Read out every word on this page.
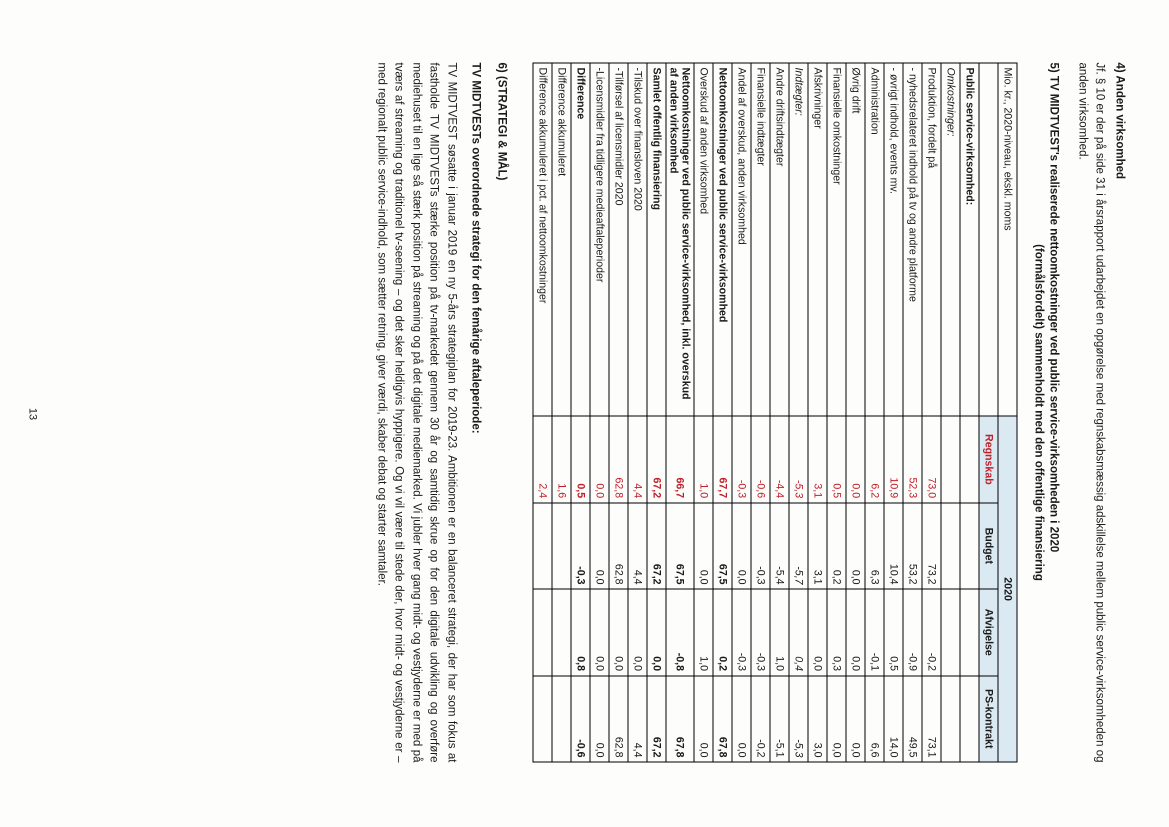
4) Anden virksomhed
Jf. § 10 er der på side 31 i årsrapport udarbejdet en opgørelse med regnskabsmæssig adskillelse mellem public service-virksomheden og anden virksomhed.
5) TV MIDTVEST's realiserede nettoomkostninger ved public service-virksomheden i 2020
(formålsfordelt) sammenholdt med den offentlige finansiering
Mio. kr., 2020-niveau, ekskl. moms	2020			
	Regnskab	Budget	Afvigelse	PS-kontrakt
Public service-virksomhed:				
Omkostninger:				
Produktion, fordelt på	73,0	73,2	-0,2	73,1
- nyhedsrelateret indhold på tv og andre platforme	52,3	53,2	-0,9	49,5
- øvrigt indhold, events mv.	10,9	10,4	0,5	14,0
Administration	6,2	6,3	-0,1	6,6
Øvrig drift	0,0	0,0	0,0	0,0
Finansielle omkostninger	0,5	0,2	0,3	0,0
Afskrivninger	3,1	3,1	0,0	3,0
Indtægter:	-5,3	-5,7	0,4	-5,3
Andre driftsindtægter	-4,4	-5,4	1,0	-5,1
Finansielle indtægter	-0,6	-0,3	-0,3	-0,2
Andel af overskud, anden virksomhed	-0,3	0,0	-0,3	0,0
Nettoomkostninger ved public service-virksomhed	67,7	67,5	0,2	67,8
Overskud af anden virksomhed	1,0	0,0	1,0	0,0
Nettoomkostninger ved public service-virksomhed, inkl. overskud af anden virksomhed	66,7	67,5	-0,8	67,8
Samlet offentlig finansiering	67,2	67,2	0,0	67,2
-Tilskud over finansloven 2020	4,4	4,4	0,0	4,4
-Tilførsel af licensmidler 2020	62,8	62,8	0,0	62,8
-Licensmidler fra tidligere medieaftaleperioder	0,0	0,0	0,0	0,0
Difference	0,5	-0,3	0,8	-0,6
Difference akkumuleret	1,6			
Difference akkumuleret i pct. af nettoomkostninger	2,4			
6) (STRATEGI & MÅL)
TV MIDTVESTs overordnede strategi for den femårige aftaleperiode:
TV MIDTVEST søsatte i januar 2019 en ny 5-års strategiplan for 2019-23. Ambitionen er en balanceret strategi, der har som fokus at fastholde TV MIDTVESTs stærke position på tv-markedet gennem 30 år og samtidig skrue op for den digitale udvikling og overføre mediehuset til en lige så stærk position på streaming og på det digitale mediemarked. Vi jubler hver gang midt- og vestjyderne er med på tværs af streaming og traditionel tv-seening – og det sker heldigvis hyppigere. Og vi vil være til stede der, hvor midt- og vestjyderne er – med regionalt public service-indhold, som sætter retning, giver værdi, skaber debat og starter samtaler.
13
